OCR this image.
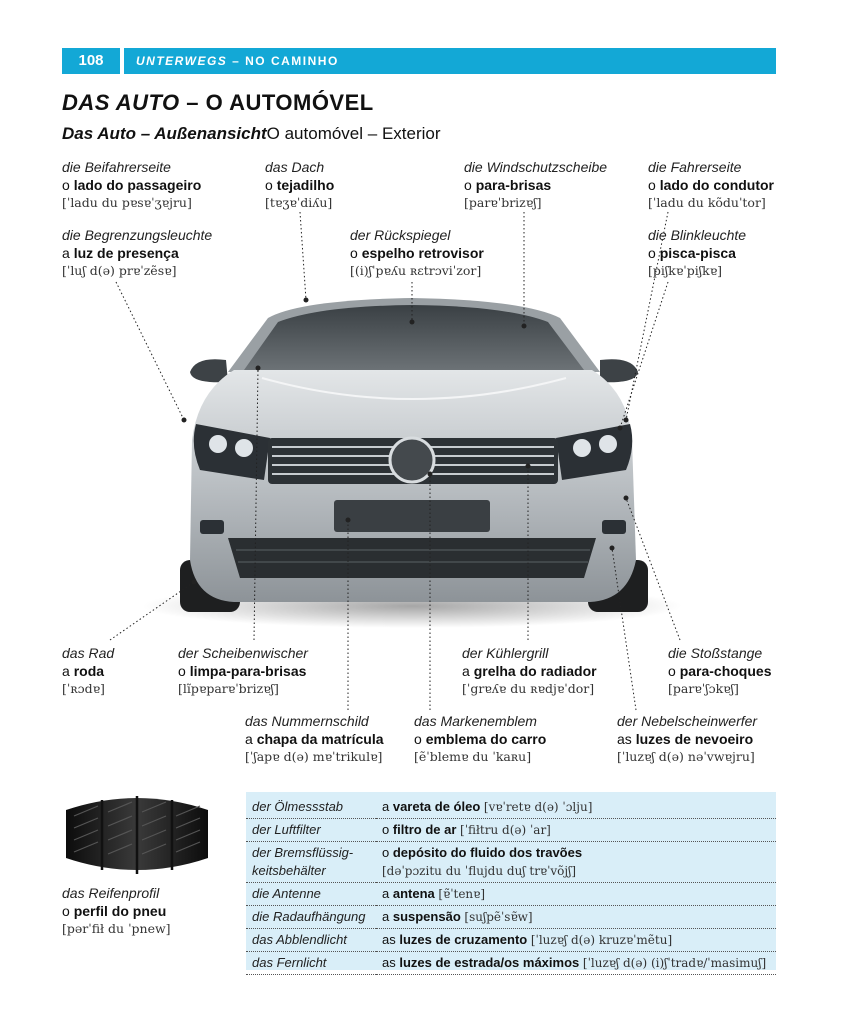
108	UNTERWEGS – NO CAMINHO
DAS AUTO – O AUTOMÓVEL
Das Auto – AußenansichtO automóvel – Exterior
die Beifahrerseite
o lado do passageiro
[ˈladu du pɐsɐˈʒɐjru]
das Dach
o tejadilho
[tɐʒɐˈdiʎu]
die Windschutzscheibe
o para-brisas
[parɐˈbrizɐʃ]
die Fahrerseite
o lado do condutor
[ˈladu du kõduˈtor]
die Begrenzungsleuchte
a luz de presença
[ˈluʃ d(ə) prɐˈzẽsɐ]
der Rückspiegel
o espelho retrovisor
[(i)ʃˈpɐʎu ʀɛtrɔviˈzor]
die Blinkleuchte
o pisca-pisca
[piʃkɐˈpiʃkɐ]
das Rad
a roda
[ˈʀɔdɐ]
der Scheibenwischer
o limpa-para-brisas
[lĩpɐparɐˈbrizɐʃ]
der Kühlergrill
a grelha do radiador
[ˈgrɐʎɐ du ʀɐdjɐˈdor]
die Stoßstange
o para-choques
[parɐˈʃɔkɐʃ]
das Nummernschild
a chapa da matrícula
[ˈʃapɐ d(ə) mɐˈtrikulɐ]
das Markenemblem
o emblema do carro
[ẽˈblemɐ du ˈkaʀu]
der Nebelscheinwerfer
as luzes de nevoeiro
[ˈluzɐʃ d(ə) nəˈvwɐjru]
das Reifenprofil
o perfil do pneu
[pərˈfił du ˈpnew]
der Ölmessstab	a vareta de óleo [vɐˈretɐ d(ə) ˈɔlju]
der Luftfilter	o filtro de ar [ˈfiłtru d(ə) ˈar]
der Bremsflüssig-
keitsbehälter	o depósito do fluido dos travões
[dəˈpɔzitu du ˈflujdu duʃ trɐˈvõjʃ]
die Antenne	a antena [ɐ̃ˈtenɐ]
die Radaufhängung	a suspensão [suʃpẽˈsɐ̃w]
das Abblendlicht	as luzes de cruzamento [ˈluzɐʃ d(ə) kruzɐˈmẽtu]
das Fernlicht	as luzes de estrada/os máximos [ˈluzɐʃ d(ə) (i)ʃˈtradɐ/ˈmasimuʃ]
